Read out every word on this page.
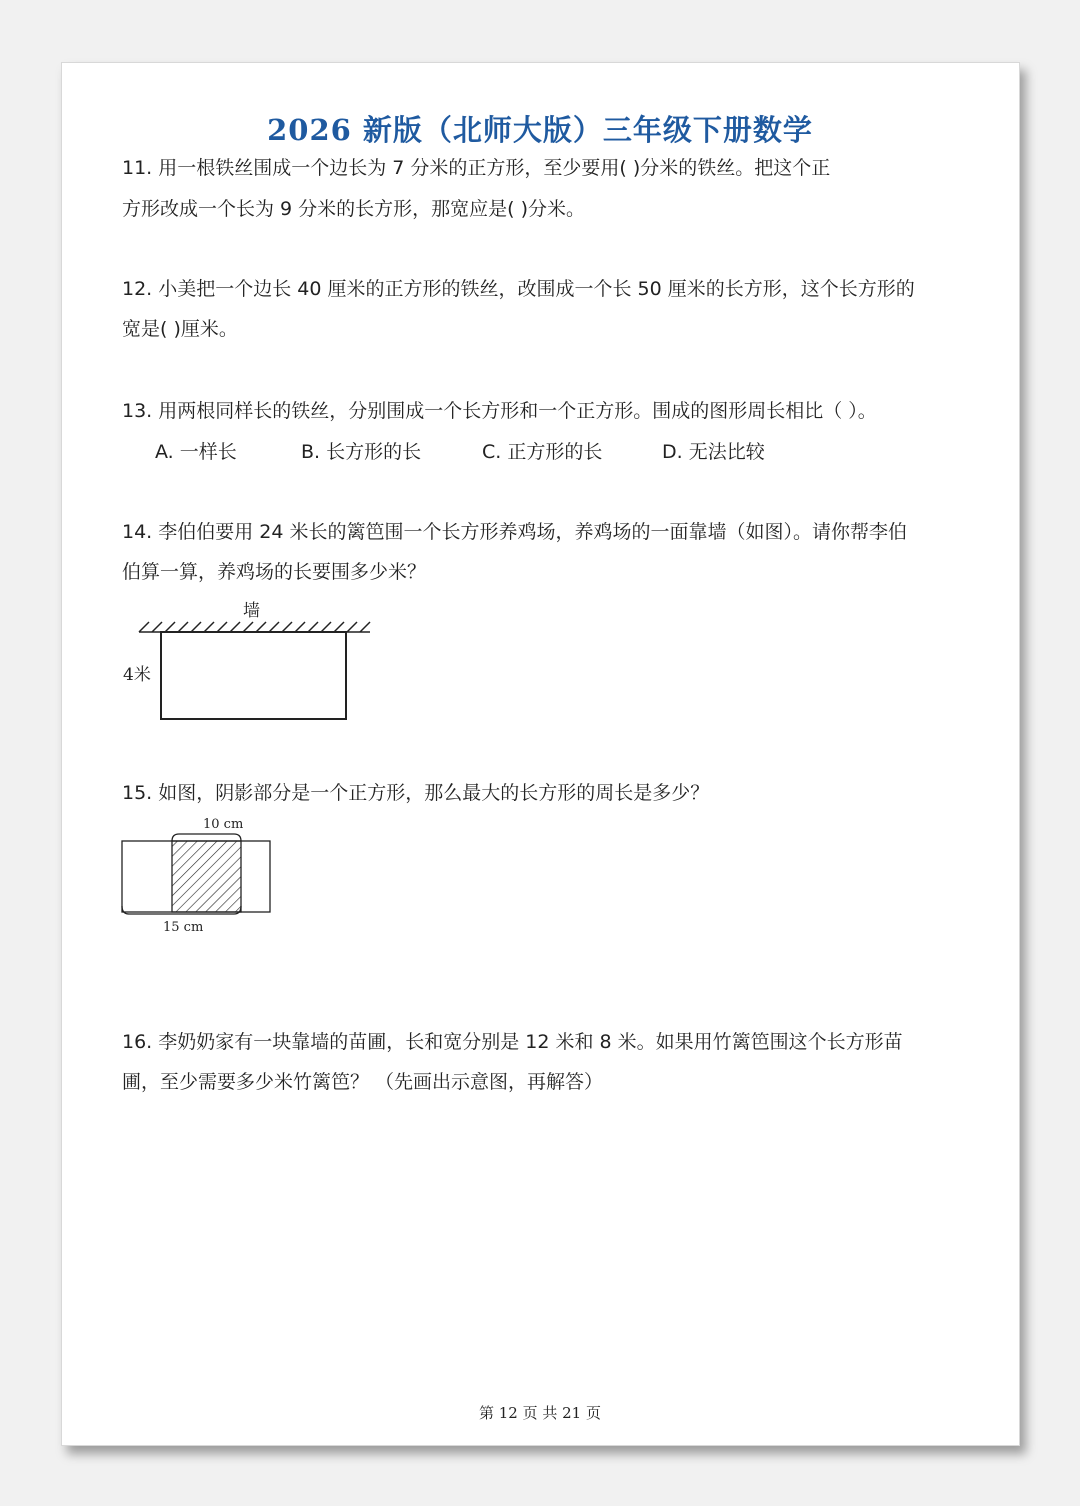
2026 新版（北师大版）三年级下册数学
11. 用一根铁丝围成一个边长为 7 分米的正方形，至少要用( )分米的铁丝。把这个正
方形改成一个长为 9 分米的长方形，那宽应是( )分米。
12. 小美把一个边长 40 厘米的正方形的铁丝，改围成一个长 50 厘米的长方形，这个长方形的
宽是( )厘米。
13. 用两根同样长的铁丝，分别围成一个长方形和一个正方形。围成的图形周长相比（ ）。
A. 一样长	B. 长方形的长	C. 正方形的长	D. 无法比较
14. 李伯伯要用 24 米长的篱笆围一个长方形养鸡场，养鸡场的一面靠墙（如图）。请你帮李伯
伯算一算，养鸡场的长要围多少米？
墙
4米
15. 如图，阴影部分是一个正方形，那么最大的长方形的周长是多少？
10 cm
15 cm
16. 李奶奶家有一块靠墙的苗圃，长和宽分别是 12 米和 8 米。如果用竹篱笆围这个长方形苗
圃，至少需要多少米竹篱笆？ （先画出示意图，再解答）
第 12 页 共 21 页
